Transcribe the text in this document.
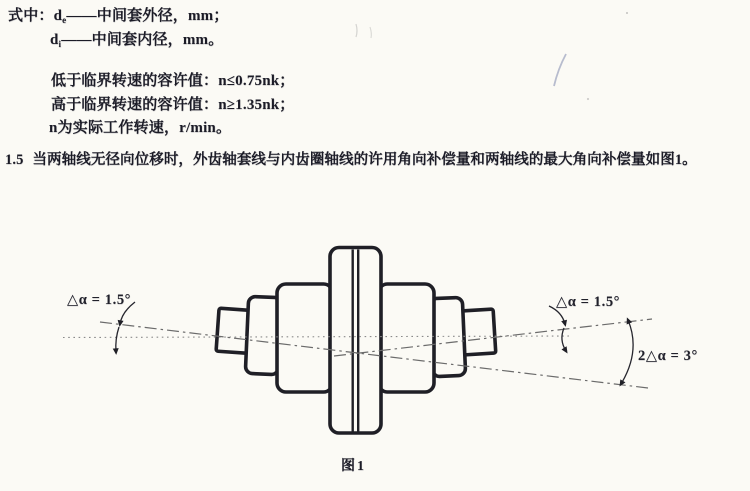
式中：$d_e——$中间套外径，mm；
$d_i——$中间套内径，mm。
低于临界转速的容许值：n≤0.75nk；
高于临界转速的容许值：n≥1.35nk；
n为实际工作转速，r/min。
1.5 当两轴线无径向位移时，外齿轴套线与内齿圈轴线的许用角向补偿量和两轴线的最大角向补偿量如图1。
△α = 1.5°	△α = 1.5°
2△α = 3°
图1
